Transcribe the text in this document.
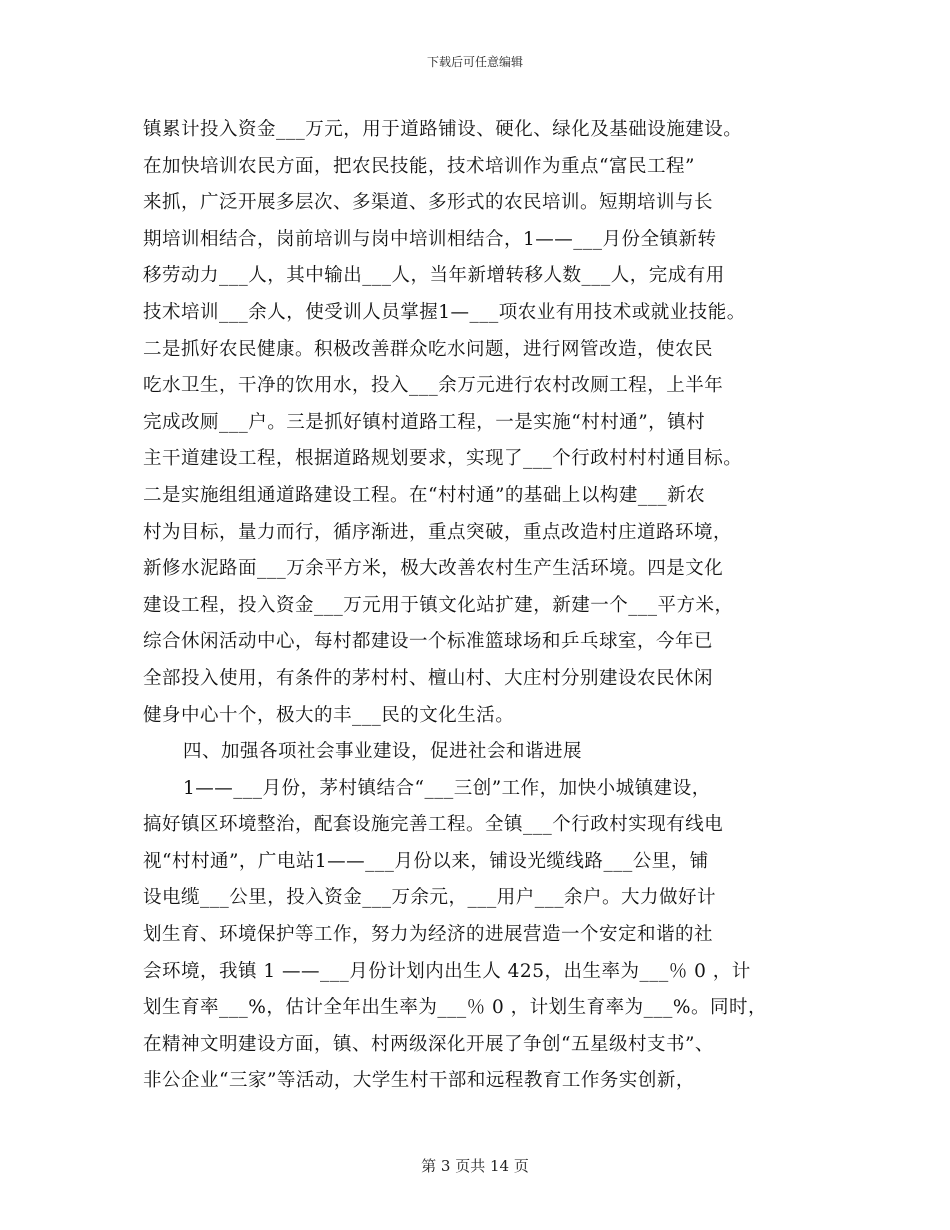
下载后可任意编辑
镇累计投入资金___万元，用于道路铺设、硬化、绿化及基础设施建设。
在加快培训农民方面，把农民技能，技术培训作为重点“富民工程”
来抓，广泛开展多层次、多渠道、多形式的农民培训。短期培训与长
期培训相结合，岗前培训与岗中培训相结合，1——___月份全镇新转
移劳动力___人，其中输出___人，当年新增转移人数___人，完成有用
技术培训___余人，使受训人员掌握1—___项农业有用技术或就业技能。
二是抓好农民健康。积极改善群众吃水问题，进行网管改造，使农民
吃水卫生，干净的饮用水，投入___余万元进行农村改厕工程，上半年
完成改厕___户。三是抓好镇村道路工程，一是实施“村村通”，镇村
主干道建设工程，根据道路规划要求，实现了___个行政村村村通目标。
二是实施组组通道路建设工程。在“村村通”的基础上以构建___新农
村为目标，量力而行，循序渐进，重点突破，重点改造村庄道路环境，
新修水泥路面___万余平方米，极大改善农村生产生活环境。四是文化
建设工程，投入资金___万元用于镇文化站扩建，新建一个___平方米，
综合休闲活动中心，每村都建设一个标准篮球场和乒乓球室，今年已
全部投入使用，有条件的茅村村、檀山村、大庄村分别建设农民休闲
健身中心十个，极大的丰___民的文化生活。
四、加强各项社会事业建设，促进社会和谐进展
1——___月份，茅村镇结合“___三创”工作，加快小城镇建设，
搞好镇区环境整治，配套设施完善工程。全镇___个行政村实现有线电
视“村村通”，广电站1——___月份以来，铺设光缆线路___公里，铺
设电缆___公里，投入资金___万余元，___用户___余户。大力做好计
划生育、环境保护等工作，努力为经济的进展营造一个安定和谐的社
会环境，我镇 1 ——___月份计划内出生人 425，出生率为___％ 0 ，计
划生育率___%，估计全年出生率为___％ 0 ，计划生育率为___%。同时，
在精神文明建设方面，镇、村两级深化开展了争创“五星级村支书”、
非公企业“三家”等活动，大学生村干部和远程教育工作务实创新，
第 3 页共 14 页
